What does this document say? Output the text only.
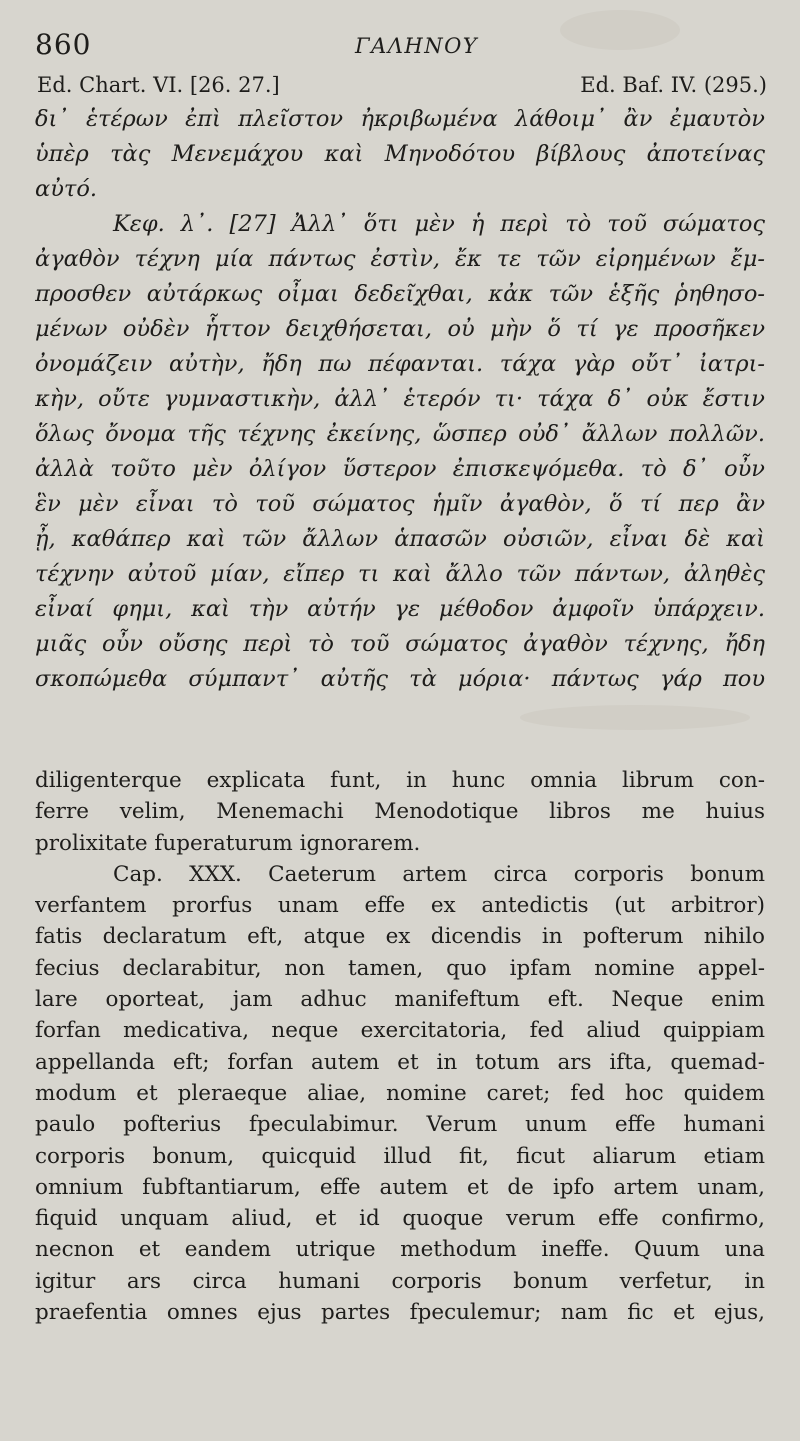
860	ΓΑΛΗΝΟΥ
Ed. Chart. VI. [26. 27.]	Ed. Baf. IV. (295.)
δι᾽ ἑτέρων ἐπὶ πλεῖστον ἠκριβωμένα λάθοιμ᾽ ἂν ἐμαυτὸν
ὑπὲρ τὰς Μενεμάχου καὶ Μηνοδότου βίβλους ἀποτείνας
αὐτό.
Κεφ. λ᾽. [27] Ἀλλ᾽ ὅτι μὲν ἡ περὶ τὸ τοῦ σώματος
ἀγαθὸν τέχνη μία πάντως ἐστὶν, ἔκ τε τῶν εἰρημένων ἔμ-
προσθεν αὐτάρκως οἶμαι δεδεῖχθαι, κἀκ τῶν ἑξῆς ῥηθησο-
μένων οὐδὲν ἧττον δειχθήσεται, οὐ μὴν ὅ τί γε προσῆκεν
ὀνομάζειν αὐτὴν, ἤδη πω πέφανται. τάχα γὰρ οὔτ᾽ ἰατρι-
κὴν, οὔτε γυμναστικὴν, ἀλλ᾽ ἑτερόν τι· τάχα δ᾽ οὐκ ἔστιν
ὅλως ὄνομα τῆς τέχνης ἐκείνης, ὥσπερ οὐδ᾽ ἄλλων πολλῶν.
ἀλλὰ τοῦτο μὲν ὀλίγον ὕστερον ἐπισκεψόμεθα. τὸ δ᾽ οὖν
ἓν μὲν εἶναι τὸ τοῦ σώματος ἡμῖν ἀγαθὸν, ὅ τί περ ἂν
ᾖ, καθάπερ καὶ τῶν ἄλλων ἁπασῶν οὐσιῶν, εἶναι δὲ καὶ
τέχνην αὐτοῦ μίαν, εἴπερ τι καὶ ἄλλο τῶν πάντων, ἀληθὲς
εἶναί φημι, καὶ τὴν αὐτήν γε μέθοδον ἀμφοῖν ὑπάρχειν.
μιᾶς οὖν οὔσης περὶ τὸ τοῦ σώματος ἀγαθὸν τέχνης, ἤδη
σκοπώμεθα σύμπαντ᾽ αὐτῆς τὰ μόρια· πάντως γάρ που
diligenterque explicata funt, in hunc omnia librum con-
ferre velim, Menemachi Menodotique libros me huius
prolixitate fuperaturum ignorarem.
Cap. XXX. Caeterum artem circa corporis bonum
verfantem prorfus unam effe ex antedictis (ut arbitror)
fatis declaratum eft, atque ex dicendis in pofterum nihilo
fecius declarabitur, non tamen, quo ipfam nomine appel-
lare oporteat, jam adhuc manifeftum eft. Neque enim
forfan medicativa, neque exercitatoria, fed aliud quippiam
appellanda eft; forfan autem et in totum ars ifta, quemad-
modum et pleraeque aliae, nomine caret; fed hoc quidem
paulo pofterius fpeculabimur. Verum unum effe humani
corporis bonum, quicquid illud fit, ficut aliarum etiam
omnium fubftantiarum, effe autem et de ipfo artem unam,
fiquid unquam aliud, et id quoque verum effe confirmo,
necnon et eandem utrique methodum ineffe. Quum una
igitur ars circa humani corporis bonum verfetur, in
praefentia omnes ejus partes fpeculemur; nam fic et ejus,
